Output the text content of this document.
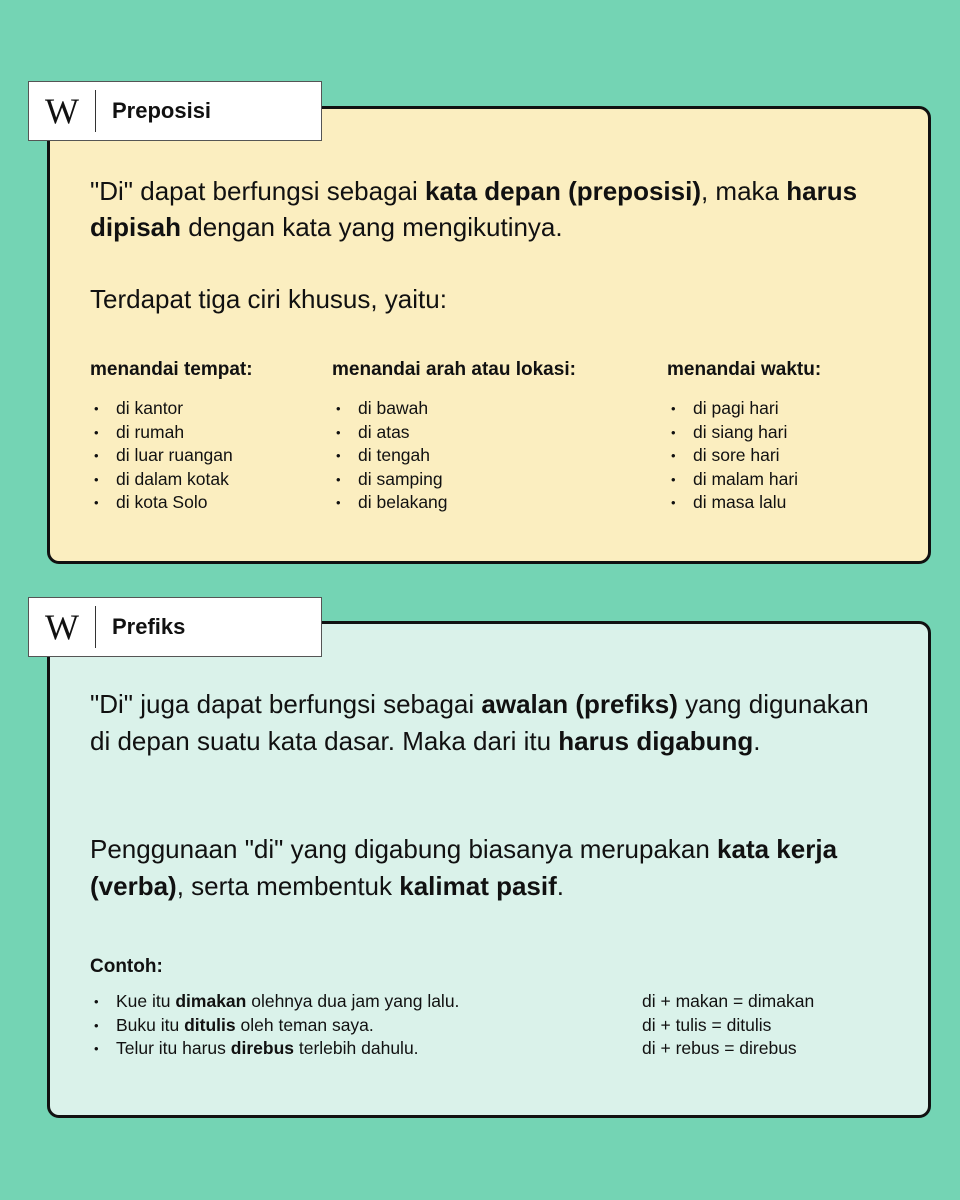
W	Preposisi

"Di" dapat berfungsi sebagai kata depan (preposisi), maka harus dipisah dengan kata yang mengikutinya.

Terdapat tiga ciri khusus, yaitu:

menandai tempat:
• di kantor
• di rumah
• di luar ruangan
• di dalam kotak
• di kota Solo
menandai arah atau lokasi:
• di bawah
• di atas
• di tengah
• di samping
• di belakang
menandai waktu:
• di pagi hari
• di siang hari
• di sore hari
• di malam hari
• di masa lalu
W	Prefiks

"Di" juga dapat berfungsi sebagai awalan (prefiks) yang digunakan di depan suatu kata dasar. Maka dari itu harus digabung.

Penggunaan "di" yang digabung biasanya merupakan kata kerja (verba), serta membentuk kalimat pasif.

Contoh:
• Kue itu dimakan olehnya dua jam yang lalu.
• Buku itu ditulis oleh teman saya.
• Telur itu harus direbus terlebih dahulu.
di + makan = dimakan
di + tulis = ditulis
di + rebus = direbus
